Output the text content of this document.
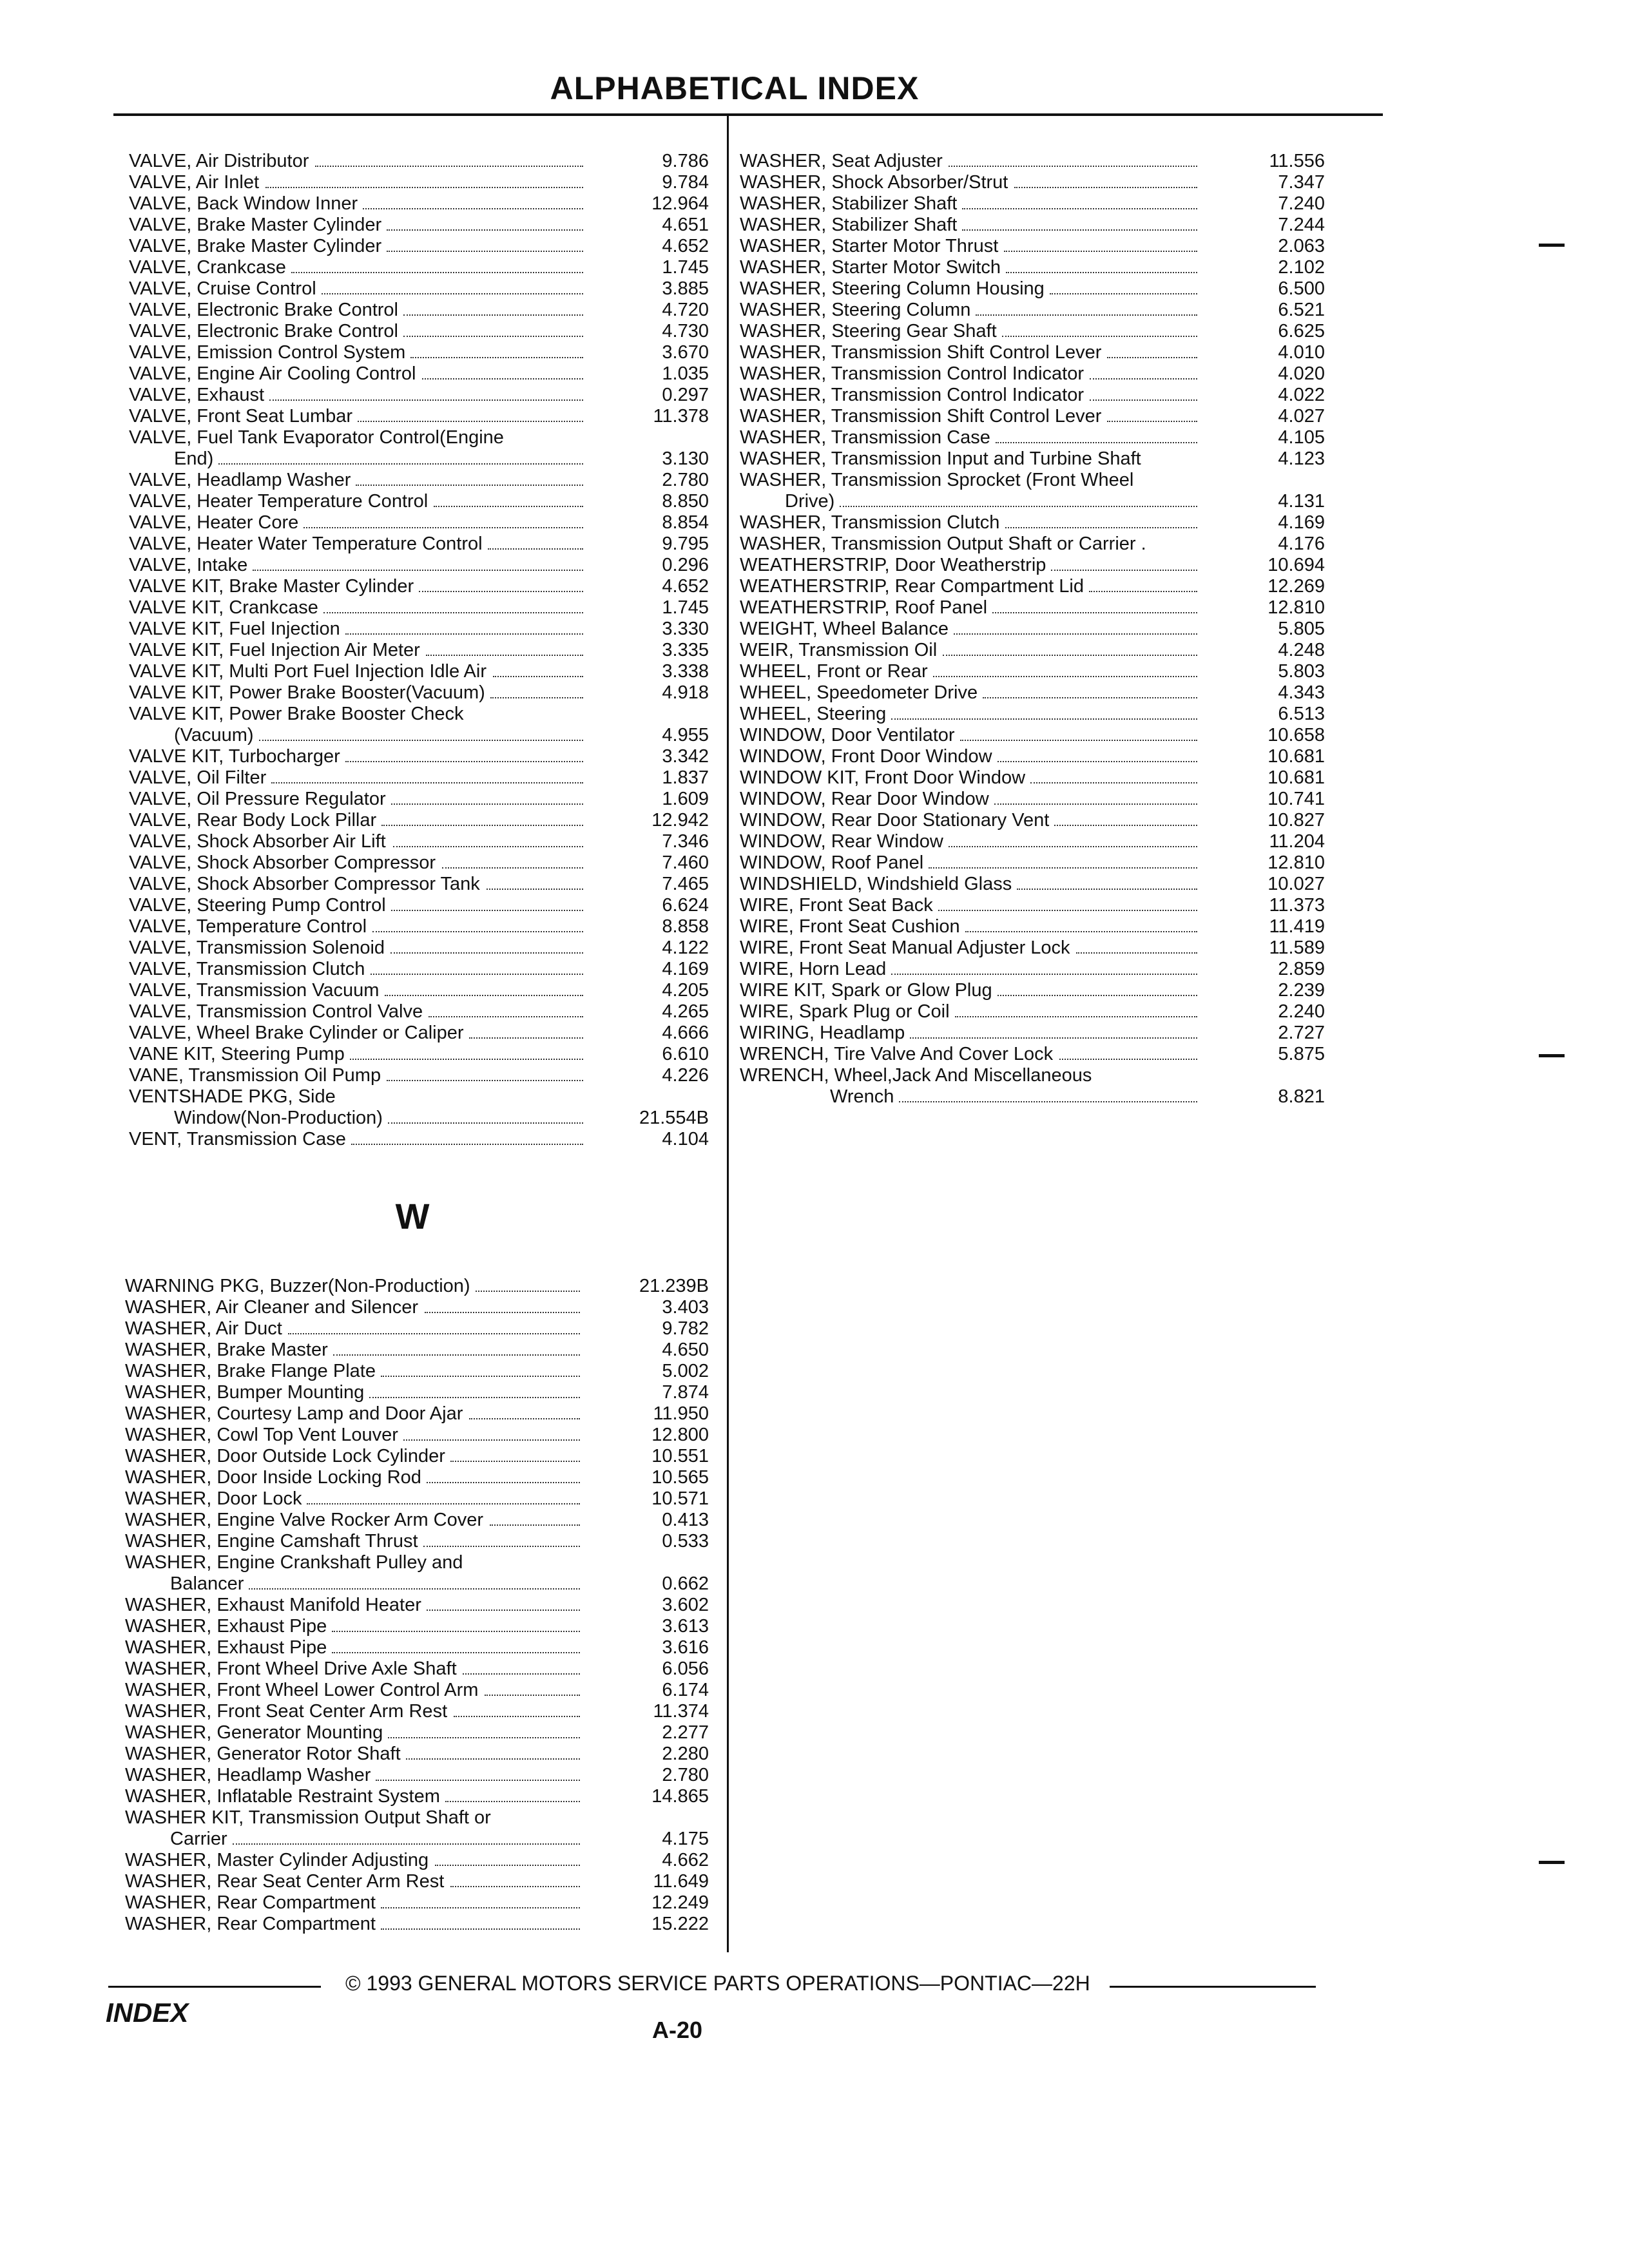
ALPHABETICAL INDEX
VALVE, Air Distributor	9.786
VALVE, Air Inlet	9.784
VALVE, Back Window Inner	12.964
VALVE, Brake Master Cylinder	4.651
VALVE, Brake Master Cylinder	4.652
VALVE, Crankcase	1.745
VALVE, Cruise Control	3.885
VALVE, Electronic Brake Control	4.720
VALVE, Electronic Brake Control	4.730
VALVE, Emission Control System	3.670
VALVE, Engine Air Cooling Control	1.035
VALVE, Exhaust	0.297
VALVE, Front Seat Lumbar	11.378
VALVE, Fuel Tank Evaporator Control(Engine
End)	3.130
VALVE, Headlamp Washer	2.780
VALVE, Heater Temperature Control	8.850
VALVE, Heater Core	8.854
VALVE, Heater Water Temperature Control	9.795
VALVE, Intake	0.296
VALVE KIT, Brake Master Cylinder	4.652
VALVE KIT, Crankcase	1.745
VALVE KIT, Fuel Injection	3.330
VALVE KIT, Fuel Injection Air Meter	3.335
VALVE KIT, Multi Port Fuel Injection Idle Air	3.338
VALVE KIT, Power Brake Booster(Vacuum)	4.918
VALVE KIT, Power Brake Booster Check
(Vacuum)	4.955
VALVE KIT, Turbocharger	3.342
VALVE, Oil Filter	1.837
VALVE, Oil Pressure Regulator	1.609
VALVE, Rear Body Lock Pillar	12.942
VALVE, Shock Absorber Air Lift	7.346
VALVE, Shock Absorber Compressor	7.460
VALVE, Shock Absorber Compressor Tank	7.465
VALVE, Steering Pump Control	6.624
VALVE, Temperature Control	8.858
VALVE, Transmission Solenoid	4.122
VALVE, Transmission Clutch	4.169
VALVE, Transmission Vacuum	4.205
VALVE, Transmission Control Valve	4.265
VALVE, Wheel Brake Cylinder or Caliper	4.666
VANE KIT, Steering Pump	6.610
VANE, Transmission Oil Pump	4.226
VENTSHADE PKG, Side
Window(Non-Production)	21.554B
VENT, Transmission Case	4.104
W
WARNING PKG, Buzzer(Non-Production)	21.239B
WASHER, Air Cleaner and Silencer	3.403
WASHER, Air Duct	9.782
WASHER, Brake Master	4.650
WASHER, Brake Flange Plate	5.002
WASHER, Bumper Mounting	7.874
WASHER, Courtesy Lamp and Door Ajar	11.950
WASHER, Cowl Top Vent Louver	12.800
WASHER, Door Outside Lock Cylinder	10.551
WASHER, Door Inside Locking Rod	10.565
WASHER, Door Lock	10.571
WASHER, Engine Valve Rocker Arm Cover	0.413
WASHER, Engine Camshaft Thrust	0.533
WASHER, Engine Crankshaft Pulley and
Balancer	0.662
WASHER, Exhaust Manifold Heater	3.602
WASHER, Exhaust Pipe	3.613
WASHER, Exhaust Pipe	3.616
WASHER, Front Wheel Drive Axle Shaft	6.056
WASHER, Front Wheel Lower Control Arm	6.174
WASHER, Front Seat Center Arm Rest	11.374
WASHER, Generator Mounting	2.277
WASHER, Generator Rotor Shaft	2.280
WASHER, Headlamp Washer	2.780
WASHER, Inflatable Restraint System	14.865
WASHER KIT, Transmission Output Shaft or
Carrier	4.175
WASHER, Master Cylinder Adjusting	4.662
WASHER, Rear Seat Center Arm Rest	11.649
WASHER, Rear Compartment	12.249
WASHER, Rear Compartment	15.222
WASHER, Seat Adjuster	11.556
WASHER, Shock Absorber/Strut	7.347
WASHER, Stabilizer Shaft	7.240
WASHER, Stabilizer Shaft	7.244
WASHER, Starter Motor Thrust	2.063
WASHER, Starter Motor Switch	2.102
WASHER, Steering Column Housing	6.500
WASHER, Steering Column	6.521
WASHER, Steering Gear Shaft	6.625
WASHER, Transmission Shift Control Lever	4.010
WASHER, Transmission Control Indicator	4.020
WASHER, Transmission Control Indicator	4.022
WASHER, Transmission Shift Control Lever	4.027
WASHER, Transmission Case	4.105
WASHER, Transmission Input and Turbine Shaft	4.123
WASHER, Transmission Sprocket (Front Wheel
Drive)	4.131
WASHER, Transmission Clutch	4.169
WASHER, Transmission Output Shaft or Carrier .	4.176
WEATHERSTRIP, Door Weatherstrip	10.694
WEATHERSTRIP, Rear Compartment Lid	12.269
WEATHERSTRIP, Roof Panel	12.810
WEIGHT, Wheel Balance	5.805
WEIR, Transmission Oil	4.248
WHEEL, Front or Rear	5.803
WHEEL, Speedometer Drive	4.343
WHEEL, Steering	6.513
WINDOW, Door Ventilator	10.658
WINDOW, Front Door Window	10.681
WINDOW KIT, Front Door Window	10.681
WINDOW, Rear Door Window	10.741
WINDOW, Rear Door Stationary Vent	10.827
WINDOW, Rear Window	11.204
WINDOW, Roof Panel	12.810
WINDSHIELD, Windshield Glass	10.027
WIRE, Front Seat Back	11.373
WIRE, Front Seat Cushion	11.419
WIRE, Front Seat Manual Adjuster Lock	11.589
WIRE, Horn Lead	2.859
WIRE KIT, Spark or Glow Plug	2.239
WIRE, Spark Plug or Coil	2.240
WIRING, Headlamp	2.727
WRENCH, Tire Valve And Cover Lock	5.875
WRENCH, Wheel,Jack And Miscellaneous
Wrench	8.821
© 1993 GENERAL MOTORS SERVICE PARTS OPERATIONS—PONTIAC—22H
INDEX
A-20
